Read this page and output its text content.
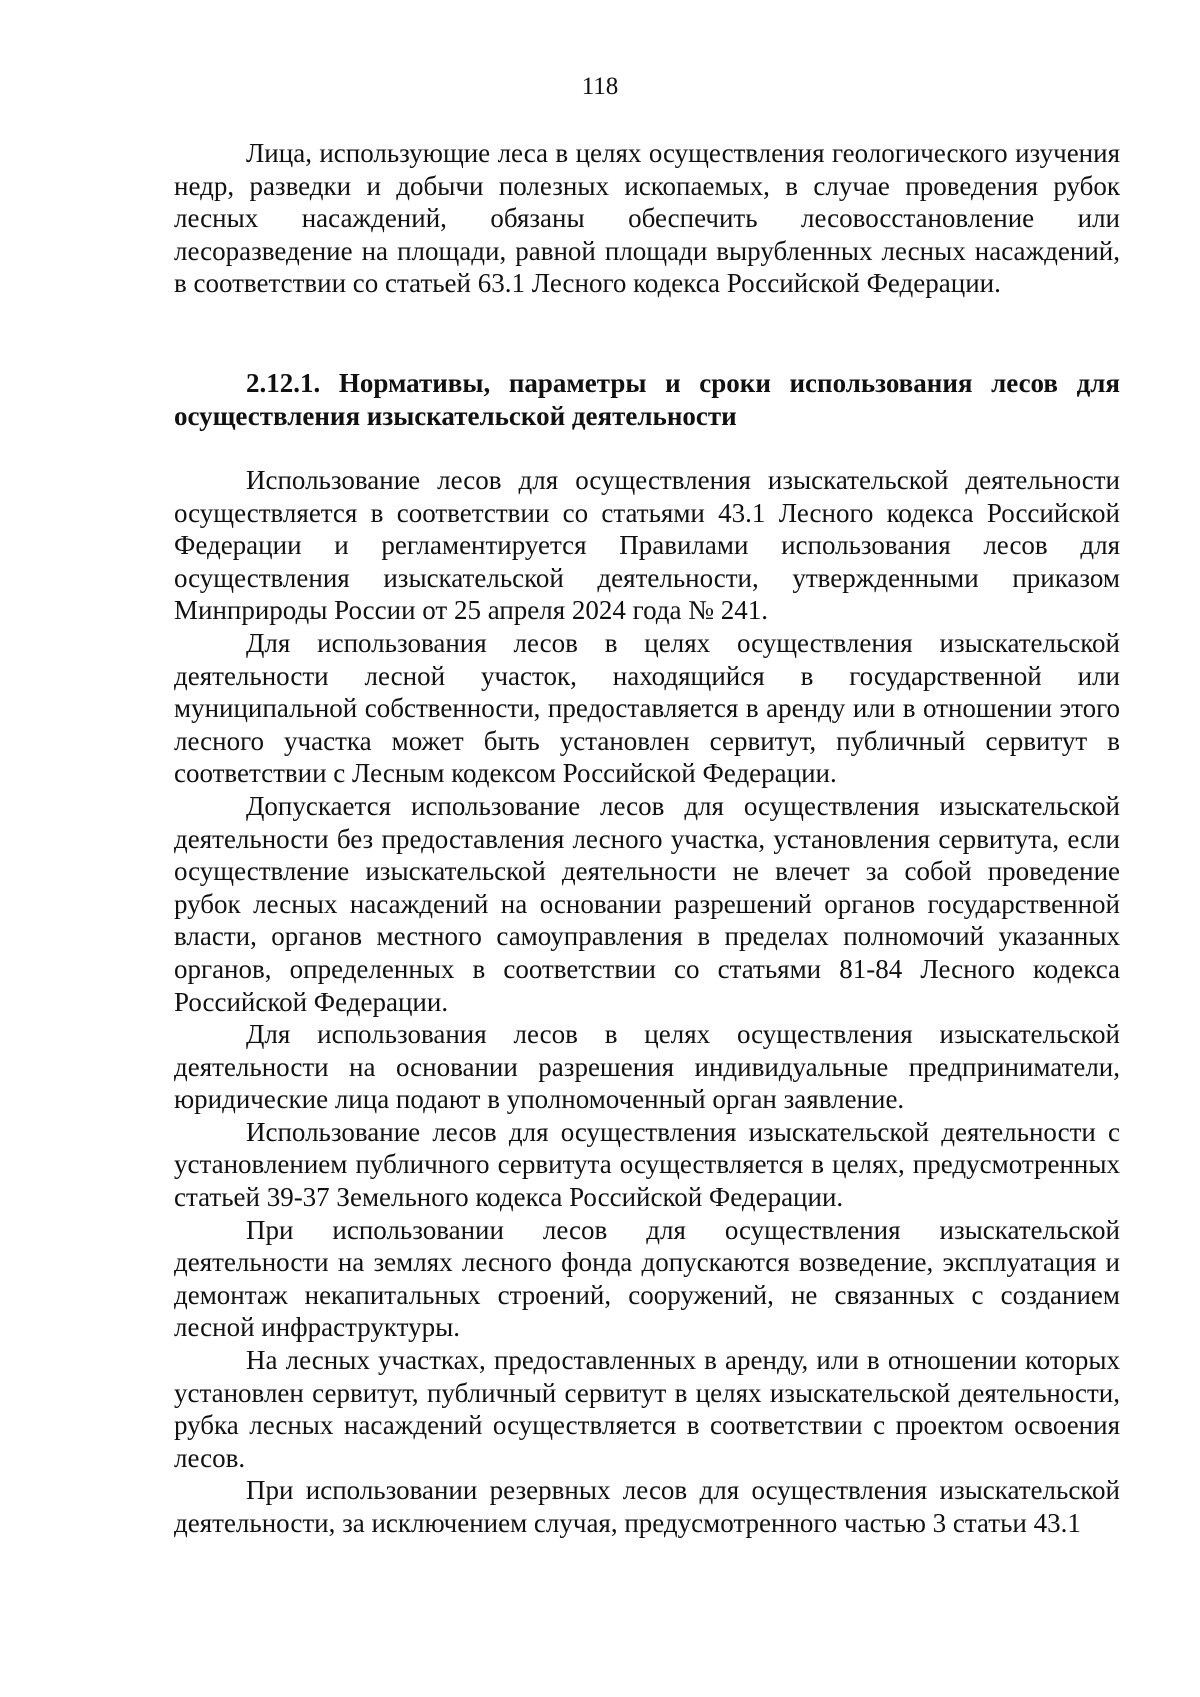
118

Лица, использующие леса в целях осуществления геологического изучения недр, разведки и добычи полезных ископаемых, в случае проведения рубок лесных насаждений, обязаны обеспечить лесовосстановление или лесоразведение на площади, равной площади вырубленных лесных насаждений, в соответствии со статьей 63.1 Лесного кодекса Российской Федерации.

2.12.1. Нормативы, параметры и сроки использования лесов для осуществления изыскательской деятельности

Использование лесов для осуществления изыскательской деятельности осуществляется в соответствии со статьями 43.1 Лесного кодекса Российской Федерации и регламентируется Правилами использования лесов для осуществления изыскательской деятельности, утвержденными приказом Минприроды России от 25 апреля 2024 года № 241.

Для использования лесов в целях осуществления изыскательской деятельности лесной участок, находящийся в государственной или муниципальной собственности, предоставляется в аренду или в отношении этого лесного участка может быть установлен сервитут, публичный сервитут в соответствии с Лесным кодексом Российской Федерации.

Допускается использование лесов для осуществления изыскательской деятельности без предоставления лесного участка, установления сервитута, если осуществление изыскательской деятельности не влечет за собой проведение рубок лесных насаждений на основании разрешений органов государственной власти, органов местного самоуправления в пределах полномочий указанных органов, определенных в соответствии со статьями 81-84 Лесного кодекса Российской Федерации.

Для использования лесов в целях осуществления изыскательской деятельности на основании разрешения индивидуальные предприниматели, юридические лица подают в уполномоченный орган заявление.

Использование лесов для осуществления изыскательской деятельности с установлением публичного сервитута осуществляется в целях, предусмотренных статьей 39-37 Земельного кодекса Российской Федерации.

При использовании лесов для осуществления изыскательской деятельности на землях лесного фонда допускаются возведение, эксплуатация и демонтаж некапитальных строений, сооружений, не связанных с созданием лесной инфраструктуры.

На лесных участках, предоставленных в аренду, или в отношении которых установлен сервитут, публичный сервитут в целях изыскательской деятельности, рубка лесных насаждений осуществляется в соответствии с проектом освоения лесов.

При использовании резервных лесов для осуществления изыскательской деятельности, за исключением случая, предусмотренного частью 3 статьи 43.1
